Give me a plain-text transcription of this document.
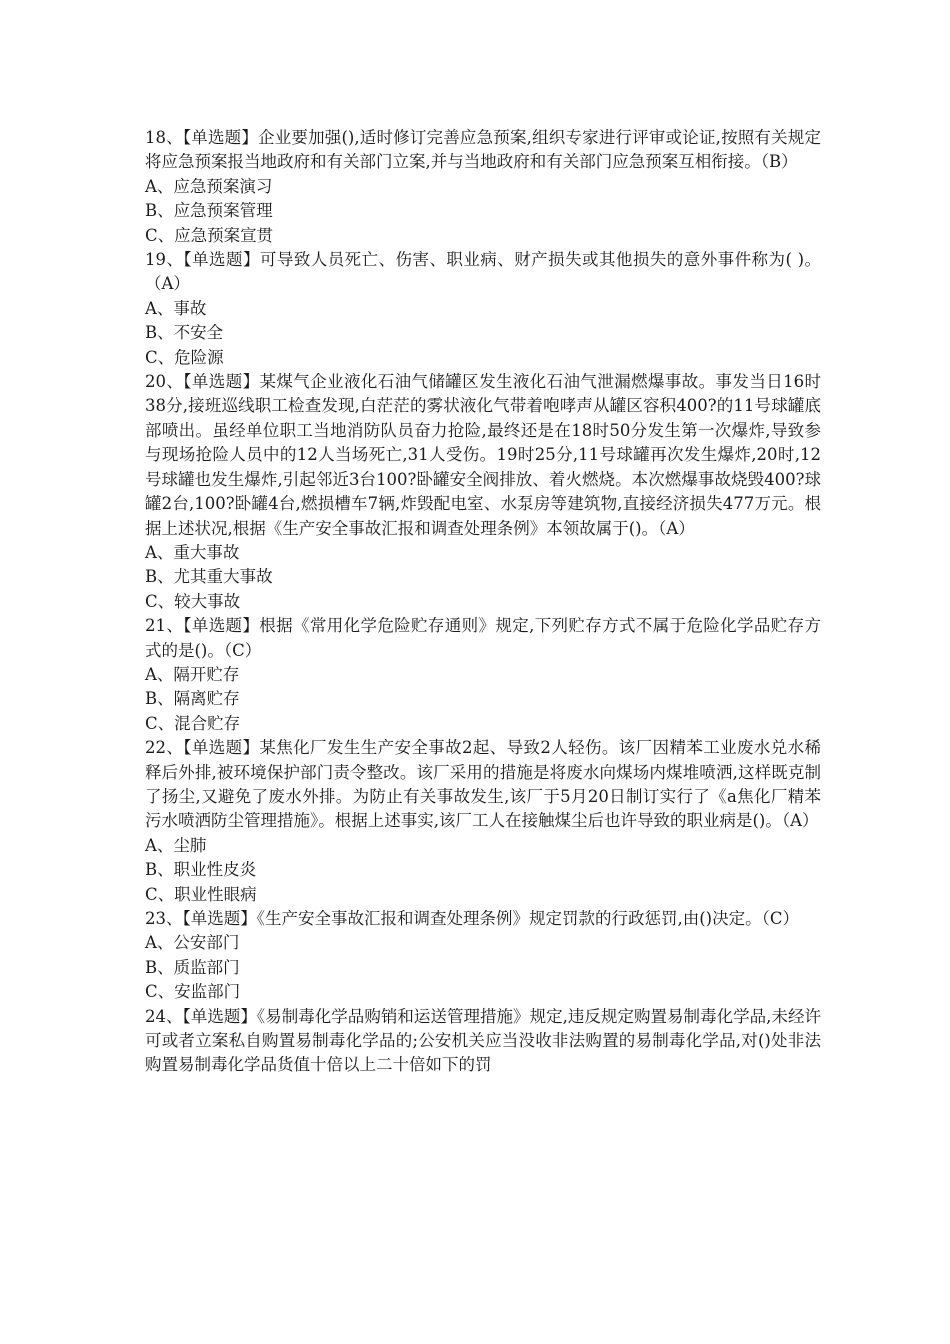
18、【单选题】企业要加强(),适时修订完善应急预案,组织专家进行评审或论证,按照有关规定将应急预案报当地政府和有关部门立案,并与当地政府和有关部门应急预案互相衔接。（B）

A、应急预案演习

B、应急预案管理

C、应急预案宣贯

19、【单选题】可导致人员死亡、伤害、职业病、财产损失或其他损失的意外事件称为( )。（A）

A、事故

B、不安全

C、危险源

20、【单选题】某煤气企业液化石油气储罐区发生液化石油气泄漏燃爆事故。事发当日16时38分,接班巡线职工检查发现,白茫茫的雾状液化气带着咆哮声从罐区容积400?的11号球罐底部喷出。虽经单位职工当地消防队员奋力抢险,最终还是在18时50分发生第一次爆炸,导致参与现场抢险人员中的12人当场死亡,31人受伤。19时25分,11号球罐再次发生爆炸,20时,12号球罐也发生爆炸,引起邻近3台100?卧罐安全阀排放、着火燃烧。本次燃爆事故烧毁400?球罐2台,100?卧罐4台,燃损槽车7辆,炸毁配电室、水泵房等建筑物,直接经济损失477万元。根据上述状况,根据《生产安全事故汇报和调查处理条例》本领故属于()。（A）

A、重大事故

B、尤其重大事故

C、较大事故

21、【单选题】根据《常用化学危险贮存通则》规定,下列贮存方式不属于危险化学品贮存方式的是()。（C）

A、隔开贮存

B、隔离贮存

C、混合贮存

22、【单选题】某焦化厂发生生产安全事故2起、导致2人轻伤。该厂因精苯工业废水兑水稀释后外排,被环境保护部门责令整改。该厂采用的措施是将废水向煤场内煤堆喷洒,这样既克制了扬尘,又避免了废水外排。为防止有关事故发生,该厂于5月20日制订实行了《a焦化厂精苯污水喷洒防尘管理措施》。根据上述事实,该厂工人在接触煤尘后也许导致的职业病是()。（A）

A、尘肺

B、职业性皮炎

C、职业性眼病

23、【单选题】《生产安全事故汇报和调查处理条例》规定罚款的行政惩罚,由()决定。（C）

A、公安部门

B、质监部门

C、安监部门

24、【单选题】《易制毒化学品购销和运送管理措施》规定,违反规定购置易制毒化学品,未经许可或者立案私自购置易制毒化学品的;公安机关应当没收非法购置的易制毒化学品,对()处非法购置易制毒化学品货值十倍以上二十倍如下的罚
